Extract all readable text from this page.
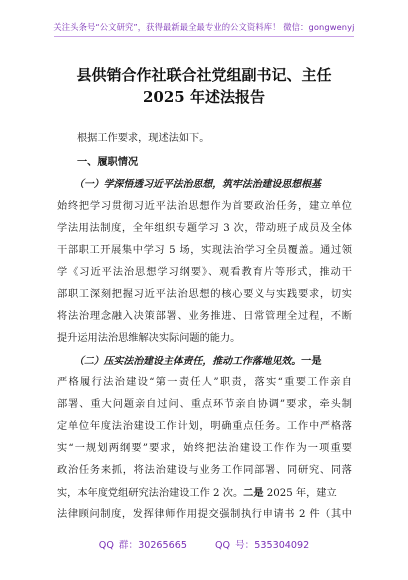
关注头条号“公文研究”，获得最新最全最专业的公文资料库！ 微信：gongwenyj
县供销合作社联合社党组副书记、主任
2025 年述法报告
根据工作要求，现述法如下。
一、履职情况
（一）学深悟透习近平法治思想，筑牢法治建设思想根基
始终把学习贯彻习近平法治思想作为首要政治任务，建立单位
学法用法制度，全年组织专题学习 3 次，带动班子成员及全体
干部职工开展集中学习 5 场，实现法治学习全员覆盖。通过领
学《习近平法治思想学习纲要》、观看教育片等形式，推动干
部职工深刻把握习近平法治思想的核心要义与实践要求，切实
将法治理念融入决策部署、业务推进、日常管理全过程，不断
提升运用法治思维解决实际问题的能力。
（二）压实法治建设主体责任，推动工作落地见效。一是
严格履行法治建设“第一责任人”职责，落实“重要工作亲自
部署、重大问题亲自过问、重点环节亲自协调”要求，牵头制
定单位年度法治建设工作计划，明确重点任务。工作中严格落
实“一规划两纲要”要求，始终把法治建设工作作为一项重要
政治任务来抓，将法治建设与业务工作同部署、同研究、同落
实，本年度党组研究法治建设工作 2 次。二是 2025 年，建立
法律顾问制度，发挥律师作用提交强制执行申请书 2 件（其中
QQ 群：30265665	QQ 号：535304092
